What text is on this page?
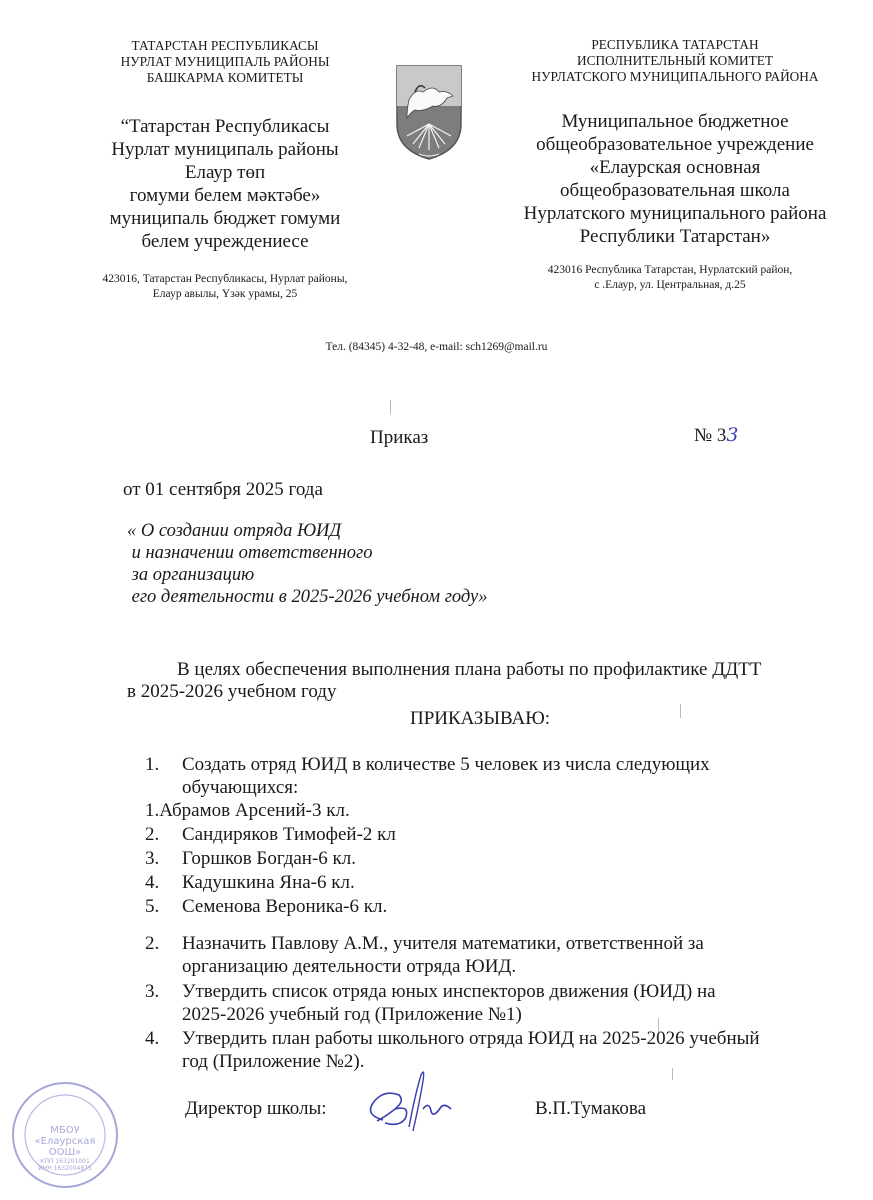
ТАТАРСТАН РЕСПУБЛИКАСЫ
НУРЛАТ МУНИЦИПАЛЬ РАЙОНЫ
БАШКАРМА КОМИТЕТЫ
“Татарстан Республикасы
Нурлат муниципаль районы
Елаур төп
гомуми белем мәктәбе»
муниципаль бюджет гомуми
белем учреждениесе
423016, Татарстан Республикасы, Нурлат районы,
Елаур авылы, Үзәк урамы, 25
РЕСПУБЛИКА ТАТАРСТАН
ИСПОЛНИТЕЛЬНЫЙ КОМИТЕТ
НУРЛАТСКОГО МУНИЦИПАЛЬНОГО РАЙОНА
Муниципальное бюджетное
общеобразовательное учреждение
«Елаурская основная
общеобразовательная школа
Нурлатского муниципального района
Республики Татарстан»
423016 Республика Татарстан, Нурлатский район,
с .Елаур, ул. Центральная, д.25
Тел. (84345) 4-32-48, e-mail: sch1269@mail.ru
Приказ	№ 33
от 01 сентября 2025 года
« О создании отряда ЮИД
и назначении ответственного
за организацию
его деятельности в 2025-2026 учебном году»
В целях обеспечения выполнения плана работы по профилактике ДДТТ
в 2025-2026 учебном году
ПРИКАЗЫВАЮ:
1. Создать отряд ЮИД в количестве 5 человек из числа следующих
обучающихся:
1.Абрамов Арсений-3 кл.
2. Сандиряков Тимофей-2 кл
3. Горшков Богдан-6 кл.
4. Кадушкина Яна-6 кл.
5. Семенова Вероника-6 кл.
2. Назначить Павлову А.М., учителя математики, ответственной за
организацию деятельности отряда ЮИД.
3. Утвердить список отряда юных инспекторов движения (ЮИД) на
2025-2026 учебный год (Приложение №1)
4. Утвердить план работы школьного отряда ЮИД на 2025-2026 учебный
год (Приложение №2).
МБОУ
«Елаурская
ООШ»
КПП 163201001
ИНН 1632004875
Директор школы:	В.П.Тумакова
